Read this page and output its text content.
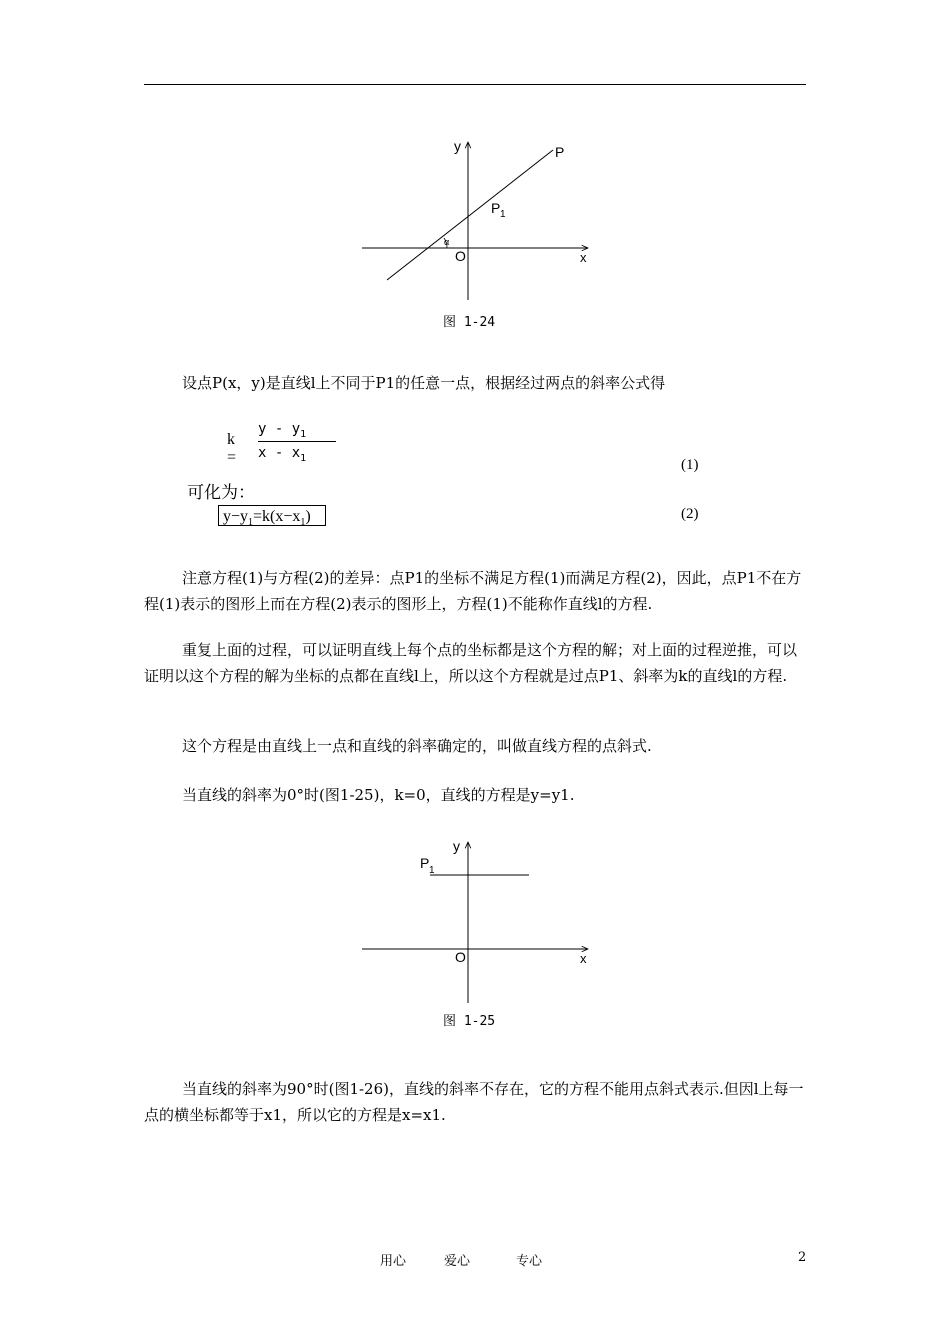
y	P
P 1
α
O	x
图 1-24
设点P(x，y)是直线l上不同于P1的任意一点，根据经过两点的斜率公式得
$k = \frac{y - y_1}{x - x_1}$
(1)
可化为：
$y-y_1=k(x-x_1)$	(2)
注意方程(1)与方程(2)的差异：点P1的坐标不满足方程(1)而满足方程(2)，因此，点P1不在方程(1)表示的图形上而在方程(2)表示的图形上，方程(1)不能称作直线l的方程.
重复上面的过程，可以证明直线上每个点的坐标都是这个方程的解；对上面的过程逆推，可以证明以这个方程的解为坐标的点都在直线l上，所以这个方程就是过点P1、斜率为k的直线l的方程.
这个方程是由直线上一点和直线的斜率确定的，叫做直线方程的点斜式.
当直线的斜率为0°时(图1-25)，k=0，直线的方程是y=y1.
y
P 1
O	x
图 1-25
当直线的斜率为90°时(图1-26)，直线的斜率不存在，它的方程不能用点斜式表示.但因l上每一点的横坐标都等于x1，所以它的方程是x=x1.
用心	爱心	专心	2
